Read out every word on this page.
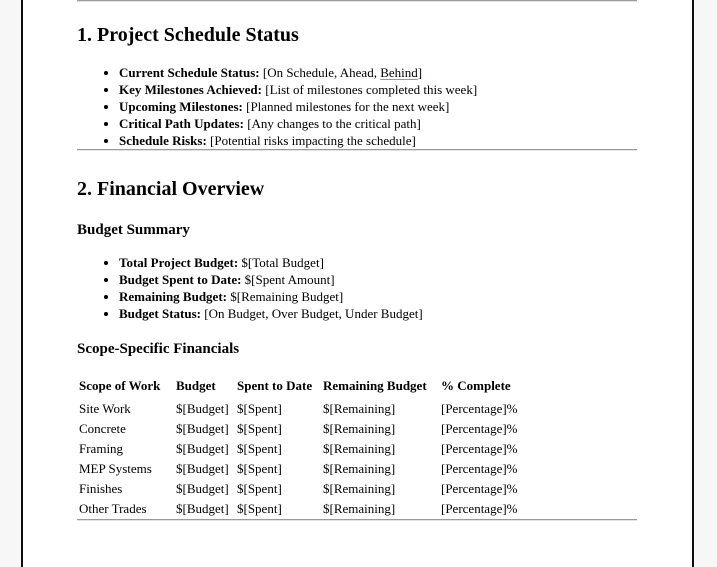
1. Project Schedule Status
• Current Schedule Status: [On Schedule, Ahead, Behind]
• Key Milestones Achieved: [List of milestones completed this week]
• Upcoming Milestones: [Planned milestones for the next week]
• Critical Path Updates: [Any changes to the critical path]
• Schedule Risks: [Potential risks impacting the schedule]
2. Financial Overview
Budget Summary
• Total Project Budget: $[Total Budget]
• Budget Spent to Date: $[Spent Amount]
• Remaining Budget: $[Remaining Budget]
• Budget Status: [On Budget, Over Budget, Under Budget]
Scope-Specific Financials
Scope of Work	Budget	Spent to Date	Remaining Budget	% Complete
Site Work	$[Budget]	$[Spent]	$[Remaining]	[Percentage]%
Concrete	$[Budget]	$[Spent]	$[Remaining]	[Percentage]%
Framing	$[Budget]	$[Spent]	$[Remaining]	[Percentage]%
MEP Systems	$[Budget]	$[Spent]	$[Remaining]	[Percentage]%
Finishes	$[Budget]	$[Spent]	$[Remaining]	[Percentage]%
Other Trades	$[Budget]	$[Spent]	$[Remaining]	[Percentage]%
